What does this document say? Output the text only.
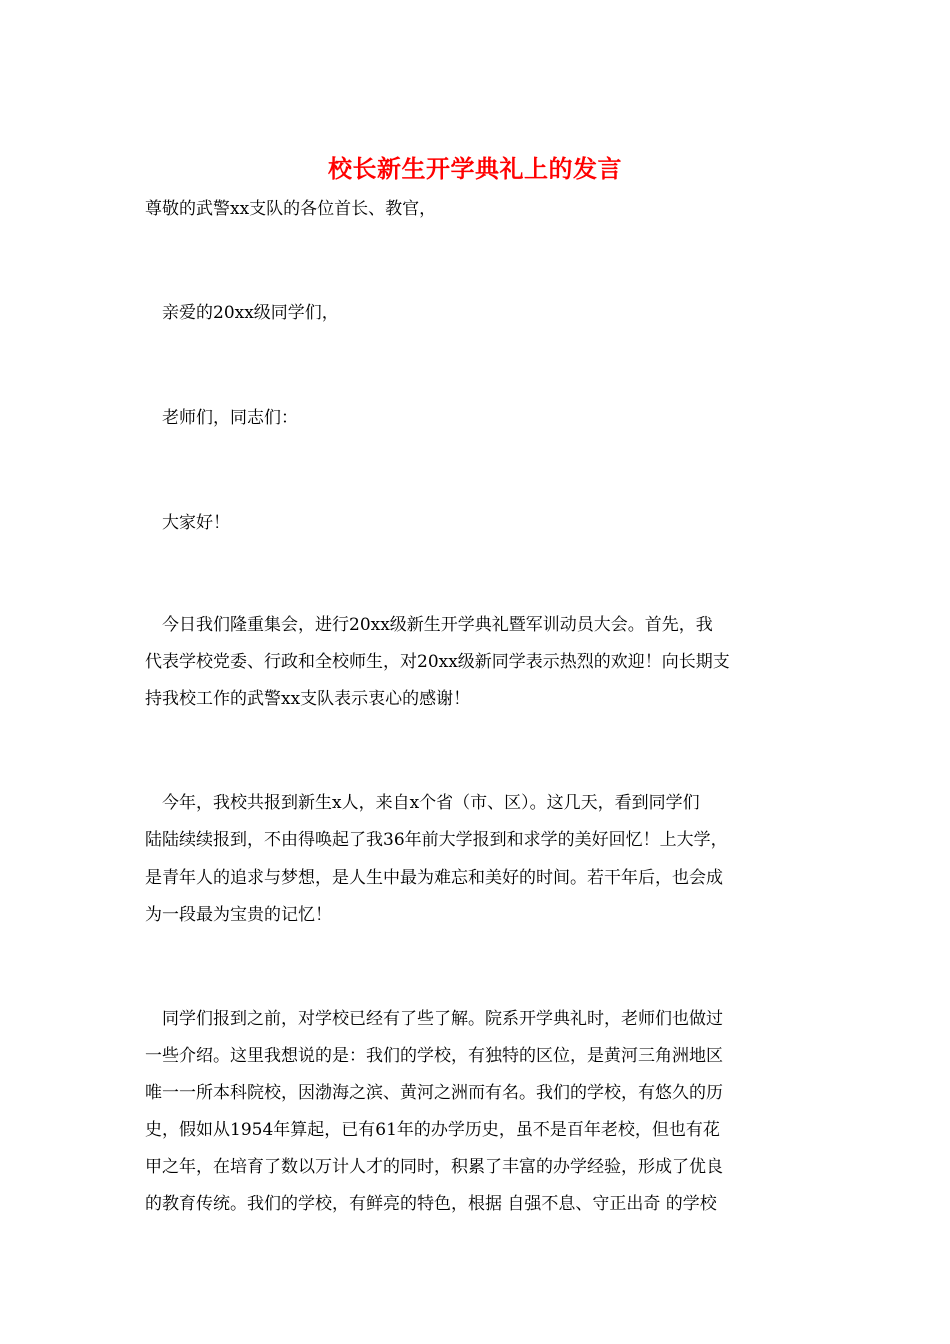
校长新生开学典礼上的发言
尊敬的武警xx支队的各位首长、教官，
　亲爱的20xx级同学们，
　老师们，同志们：
　大家好！
　今日我们隆重集会，进行20xx级新生开学典礼暨军训动员大会。首先，我
代表学校党委、行政和全校师生，对20xx级新同学表示热烈的欢迎！向长期支
持我校工作的武警xx支队表示衷心的感谢！
　今年，我校共报到新生x人，来自x个省（市、区）。这几天，看到同学们
陆陆续续报到，不由得唤起了我36年前大学报到和求学的美好回忆！上大学，
是青年人的追求与梦想，是人生中最为难忘和美好的时间。若干年后，也会成
为一段最为宝贵的记忆！
　同学们报到之前，对学校已经有了些了解。院系开学典礼时，老师们也做过
一些介绍。这里我想说的是：我们的学校，有独特的区位，是黄河三角洲地区
唯一一所本科院校，因渤海之滨、黄河之洲而有名。我们的学校，有悠久的历
史，假如从1954年算起，已有61年的办学历史，虽不是百年老校，但也有花
甲之年，在培育了数以万计人才的同时，积累了丰富的办学经验，形成了优良
的教育传统。我们的学校，有鲜亮的特色，根据 自强不息、守正出奇 的学校
